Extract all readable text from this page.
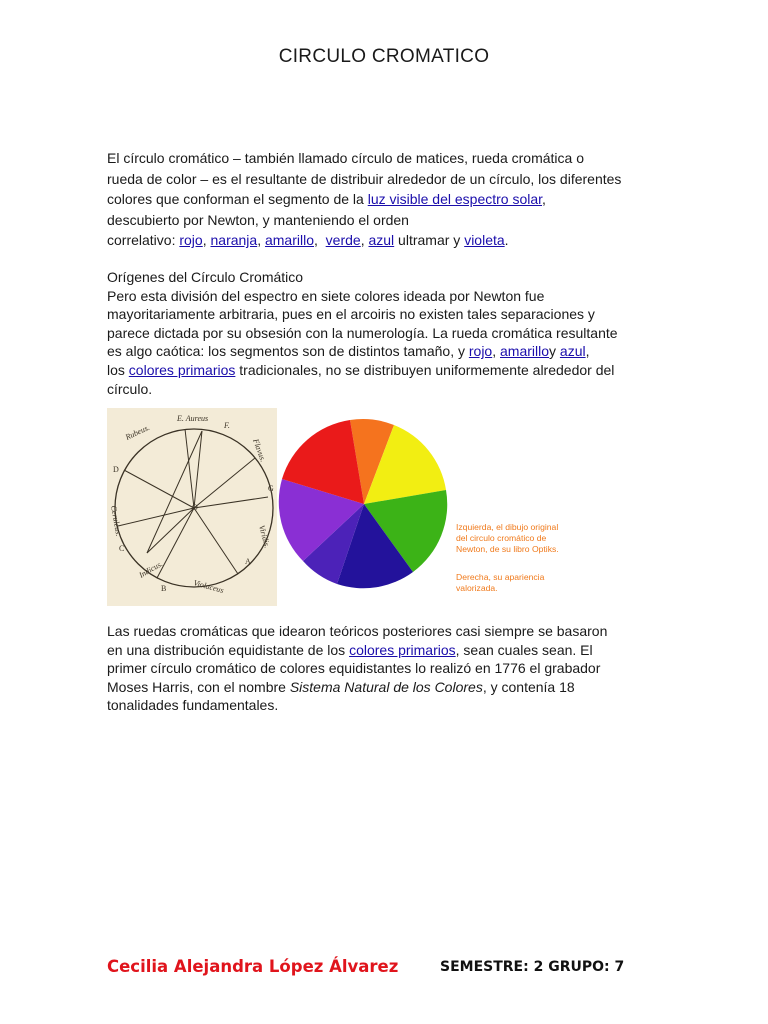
CIRCULO CROMATICO
El círculo cromático – también llamado círculo de matices, rueda cromática o
rueda de color – es el resultante de distribuir alrededor de un círculo, los diferentes
colores que conforman el segmento de la luz visible del espectro solar,
descubierto por Newton, y manteniendo el orden
correlativo: rojo, naranja, amarillo,  verde, azul ultramar y violeta.
Orígenes del Círculo Cromático
Pero esta división del espectro en siete colores ideada por Newton fue
mayoritariamente arbitraria, pues en el arcoiris no existen tales separaciones y
parece dictada por su obsesión con la numerología. La rueda cromática resultante
es algo caótica: los segmentos son de distintos tamaño, y rojo, amarilloy azul,
los colores primarios tradicionales, no se distribuyen uniformemente alrededor del
círculo.
E. Aureus
F.
Rubeus.
D
Flavus.
G
Viridis.
A
Ceruleus.
Indicus.
B
C
Violaceus
O
Izquierda, el dibujo original
del circulo cromático de
Newton, de su libro Optiks.
Derecha, su apariencia
valorizada.
Las ruedas cromáticas que idearon teóricos posteriores casi siempre se basaron
en una distribución equidistante de los colores primarios, sean cuales sean. El
primer círculo cromático de colores equidistantes lo realizó en 1776 el grabador
Moses Harris, con el nombre Sistema Natural de los Colores, y contenía 18
tonalidades fundamentales.
Cecilia Alejandra López Álvarez	SEMESTRE: 2 GRUPO: 7
